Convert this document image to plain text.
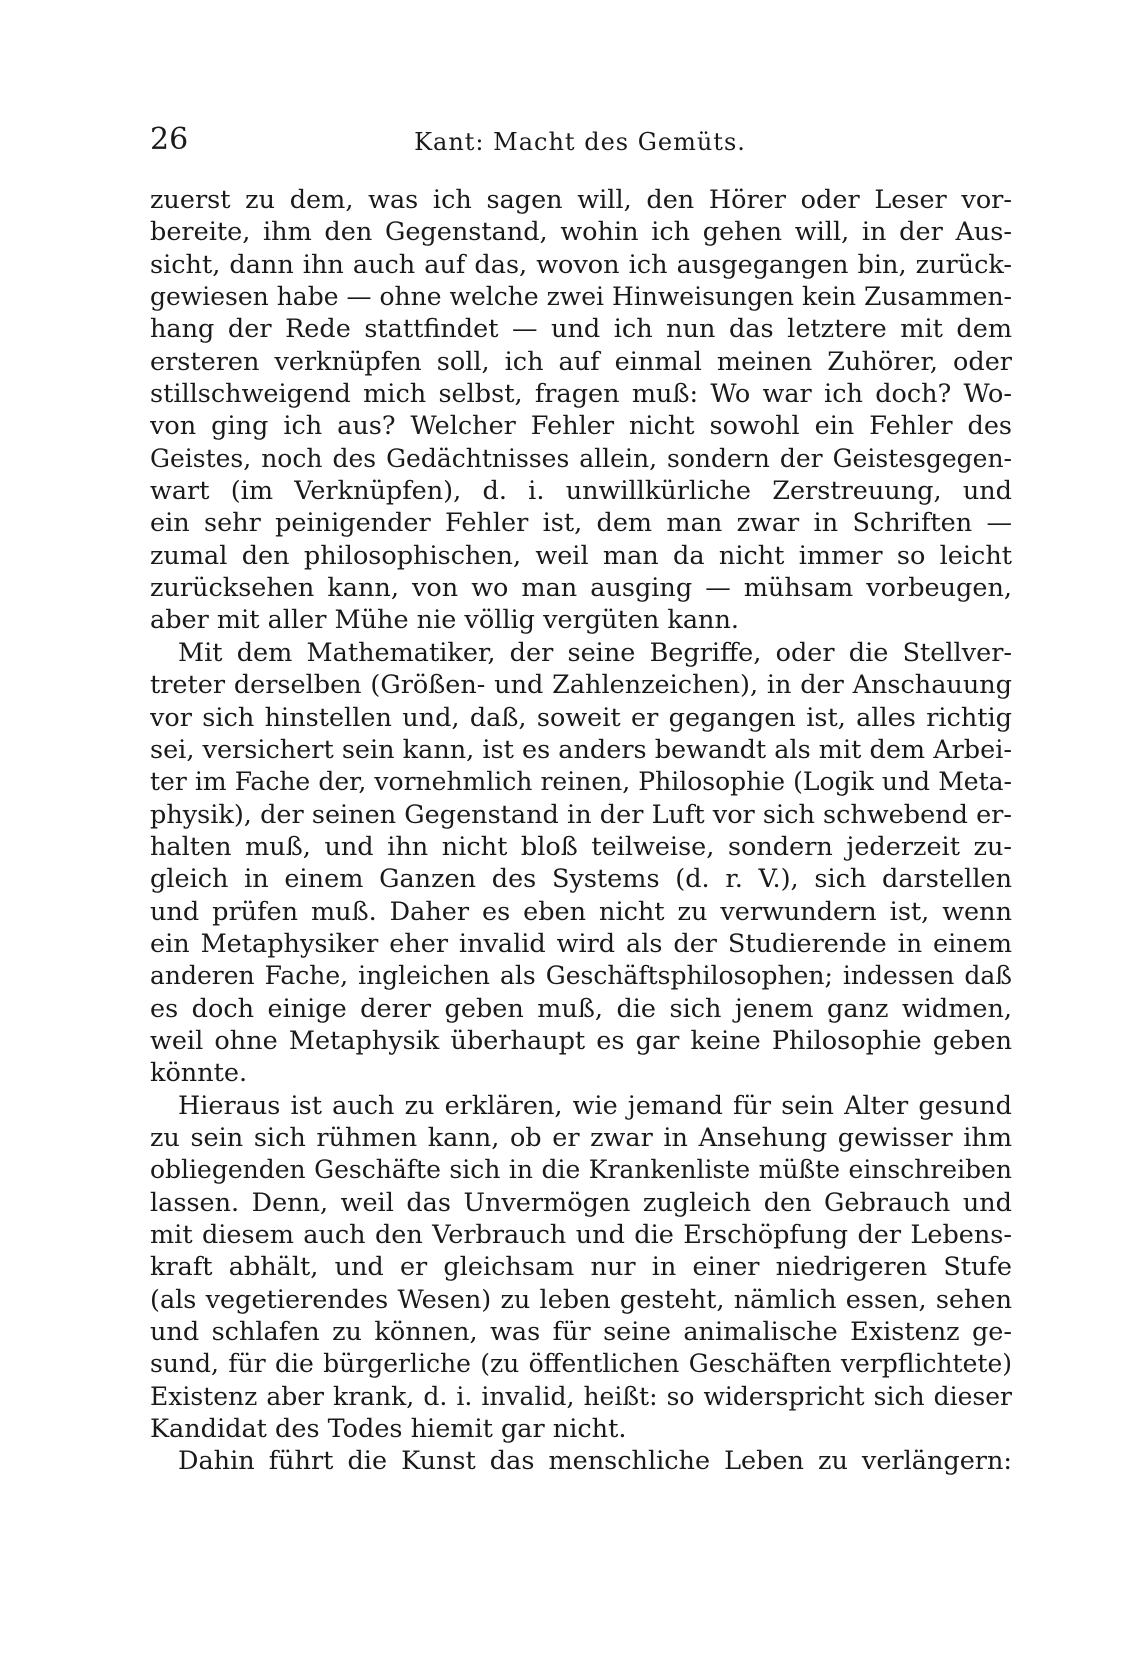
26	Kant: Macht des Gemüts.
zuerst zu dem, was ich sagen will, den Hörer oder Leser vor-
bereite, ihm den Gegenstand, wohin ich gehen will, in der Aus-
sicht, dann ihn auch auf das, wovon ich ausgegangen bin, zurück-
gewiesen habe — ohne welche zwei Hinweisungen kein Zusammen-
hang der Rede stattfindet — und ich nun das letztere mit dem
ersteren verknüpfen soll, ich auf einmal meinen Zuhörer, oder
stillschweigend mich selbst, fragen muß: Wo war ich doch? Wo-
von ging ich aus? Welcher Fehler nicht sowohl ein Fehler des
Geistes, noch des Gedächtnisses allein, sondern der Geistesgegen-
wart (im Verknüpfen), d. i. unwillkürliche Zerstreuung, und
ein sehr peinigender Fehler ist, dem man zwar in Schriften —
zumal den philosophischen, weil man da nicht immer so leicht
zurücksehen kann, von wo man ausging — mühsam vorbeugen,
aber mit aller Mühe nie völlig vergüten kann.
Mit dem Mathematiker, der seine Begriffe, oder die Stellver-
treter derselben (Größen- und Zahlenzeichen), in der Anschauung
vor sich hinstellen und, daß, soweit er gegangen ist, alles richtig
sei, versichert sein kann, ist es anders bewandt als mit dem Arbei-
ter im Fache der, vornehmlich reinen, Philosophie (Logik und Meta-
physik), der seinen Gegenstand in der Luft vor sich schwebend er-
halten muß, und ihn nicht bloß teilweise, sondern jederzeit zu-
gleich in einem Ganzen des Systems (d. r. V.), sich darstellen
und prüfen muß. Daher es eben nicht zu verwundern ist, wenn
ein Metaphysiker eher invalid wird als der Studierende in einem
anderen Fache, ingleichen als Geschäftsphilosophen; indessen daß
es doch einige derer geben muß, die sich jenem ganz widmen,
weil ohne Metaphysik überhaupt es gar keine Philosophie geben
könnte.
Hieraus ist auch zu erklären, wie jemand für sein Alter gesund
zu sein sich rühmen kann, ob er zwar in Ansehung gewisser ihm
obliegenden Geschäfte sich in die Krankenliste müßte einschreiben
lassen. Denn, weil das Unvermögen zugleich den Gebrauch und
mit diesem auch den Verbrauch und die Erschöpfung der Lebens-
kraft abhält, und er gleichsam nur in einer niedrigeren Stufe
(als vegetierendes Wesen) zu leben gesteht, nämlich essen, sehen
und schlafen zu können, was für seine animalische Existenz ge-
sund, für die bürgerliche (zu öffentlichen Geschäften verpflichtete)
Existenz aber krank, d. i. invalid, heißt: so widerspricht sich dieser
Kandidat des Todes hiemit gar nicht.
Dahin führt die Kunst das menschliche Leben zu verlängern:
